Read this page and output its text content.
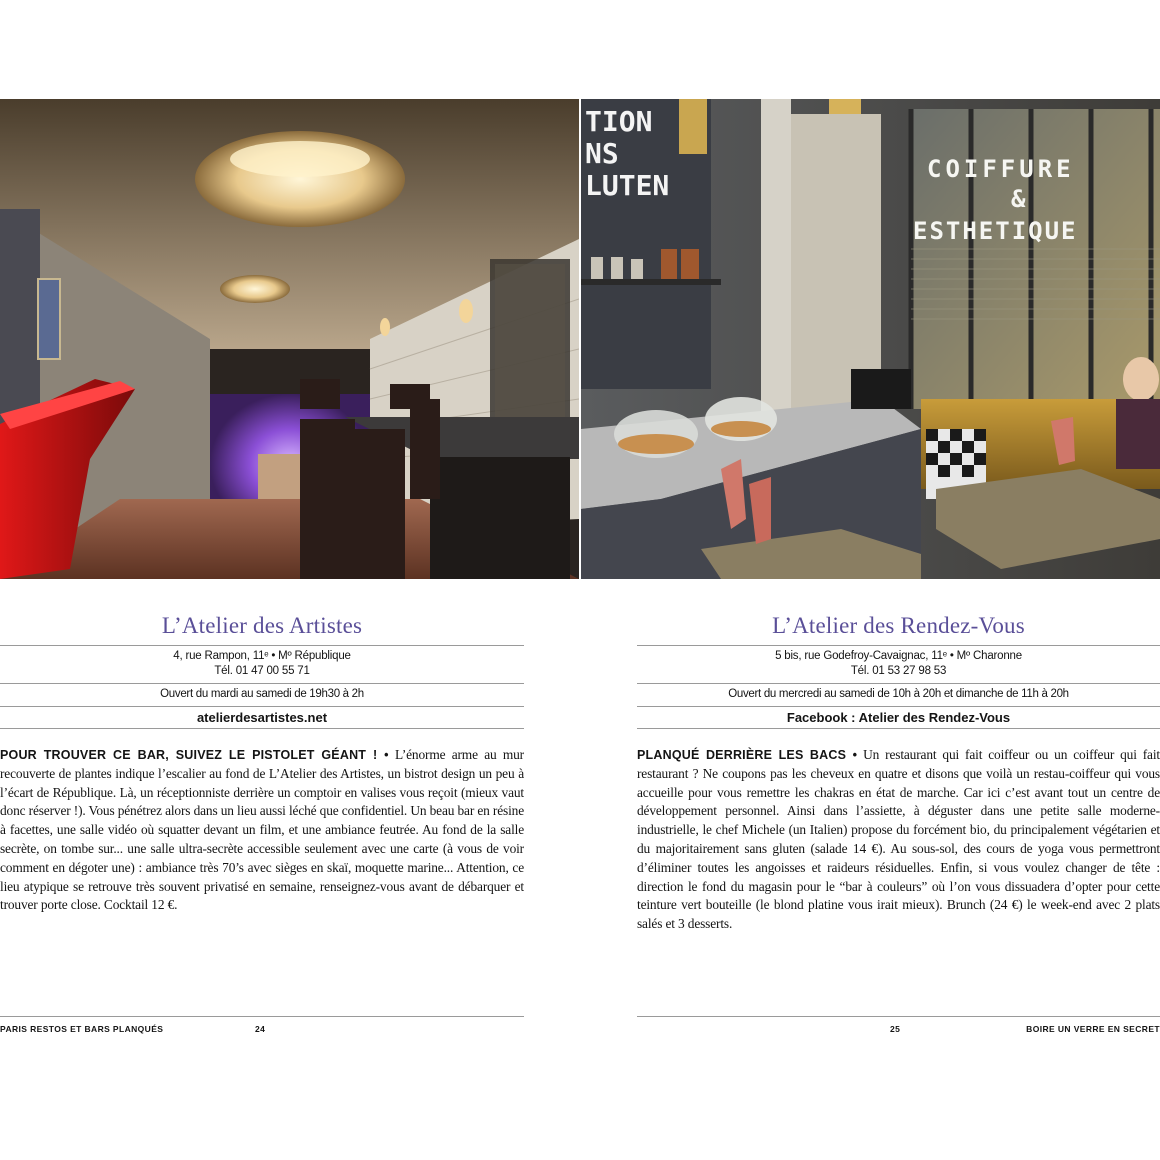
TION
NS
LUTEN	COIFFURE
&
ESTHETIQUE
L’Atelier des Artistes
4, rue Rampon, 11ᵉ • Mº République
Tél. 01 47 00 55 71
Ouvert du mardi au samedi de 19h30 à 2h
atelierdesartistes.net
L’Atelier des Rendez-Vous
5 bis, rue Godefroy-Cavaignac, 11ᵉ • Mº Charonne
Tél. 01 53 27 98 53
Ouvert du mercredi au samedi de 10h à 20h et dimanche de 11h à 20h
Facebook : Atelier des Rendez-Vous
POUR TROUVER CE BAR, SUIVEZ LE PISTOLET GÉANT ! • L’énorme arme au mur recouverte de plantes indique l’escalier au fond de L’Atelier des Artistes, un bistrot design un peu à l’écart de République. Là, un réceptionniste derrière un comptoir en valises vous reçoit (mieux vaut donc réserver !). Vous pénétrez alors dans un lieu aussi léché que confidentiel. Un beau bar en résine à facettes, une salle vidéo où squatter devant un film, et une ambiance feutrée. Au fond de la salle secrète, on tombe sur... une salle ultra-secrète accessible seulement avec une carte (à vous de voir comment en dégoter une) : ambiance très 70’s avec sièges en skaï, moquette marine... Attention, ce lieu atypique se retrouve très souvent privatisé en semaine, renseignez-vous avant de débarquer et trouver porte close. Cocktail 12 €.
PLANQUÉ DERRIÈRE LES BACS • Un restaurant qui fait coiffeur ou un coiffeur qui fait restaurant ? Ne coupons pas les cheveux en quatre et disons que voilà un restau-coiffeur qui vous accueille pour vous remettre les chakras en état de marche. Car ici c’est avant tout un centre de développement personnel. Ainsi dans l’assiette, à déguster dans une petite salle moderne-industrielle, le chef Michele (un Italien) propose du forcément bio, du principalement végétarien et du majoritairement sans gluten (salade 14 €). Au sous-sol, des cours de yoga vous permettront d’éliminer toutes les angoisses et raideurs résiduelles. Enfin, si vous voulez changer de tête : direction le fond du magasin pour le “bar à couleurs” où l’on vous dissuadera d’opter pour cette teinture vert bouteille (le blond platine vous irait mieux). Brunch (24 €) le week-end avec 2 plats salés et 3 desserts.
PARIS RESTOS ET BARS PLANQUÉS	24	25	BOIRE UN VERRE EN SECRET
